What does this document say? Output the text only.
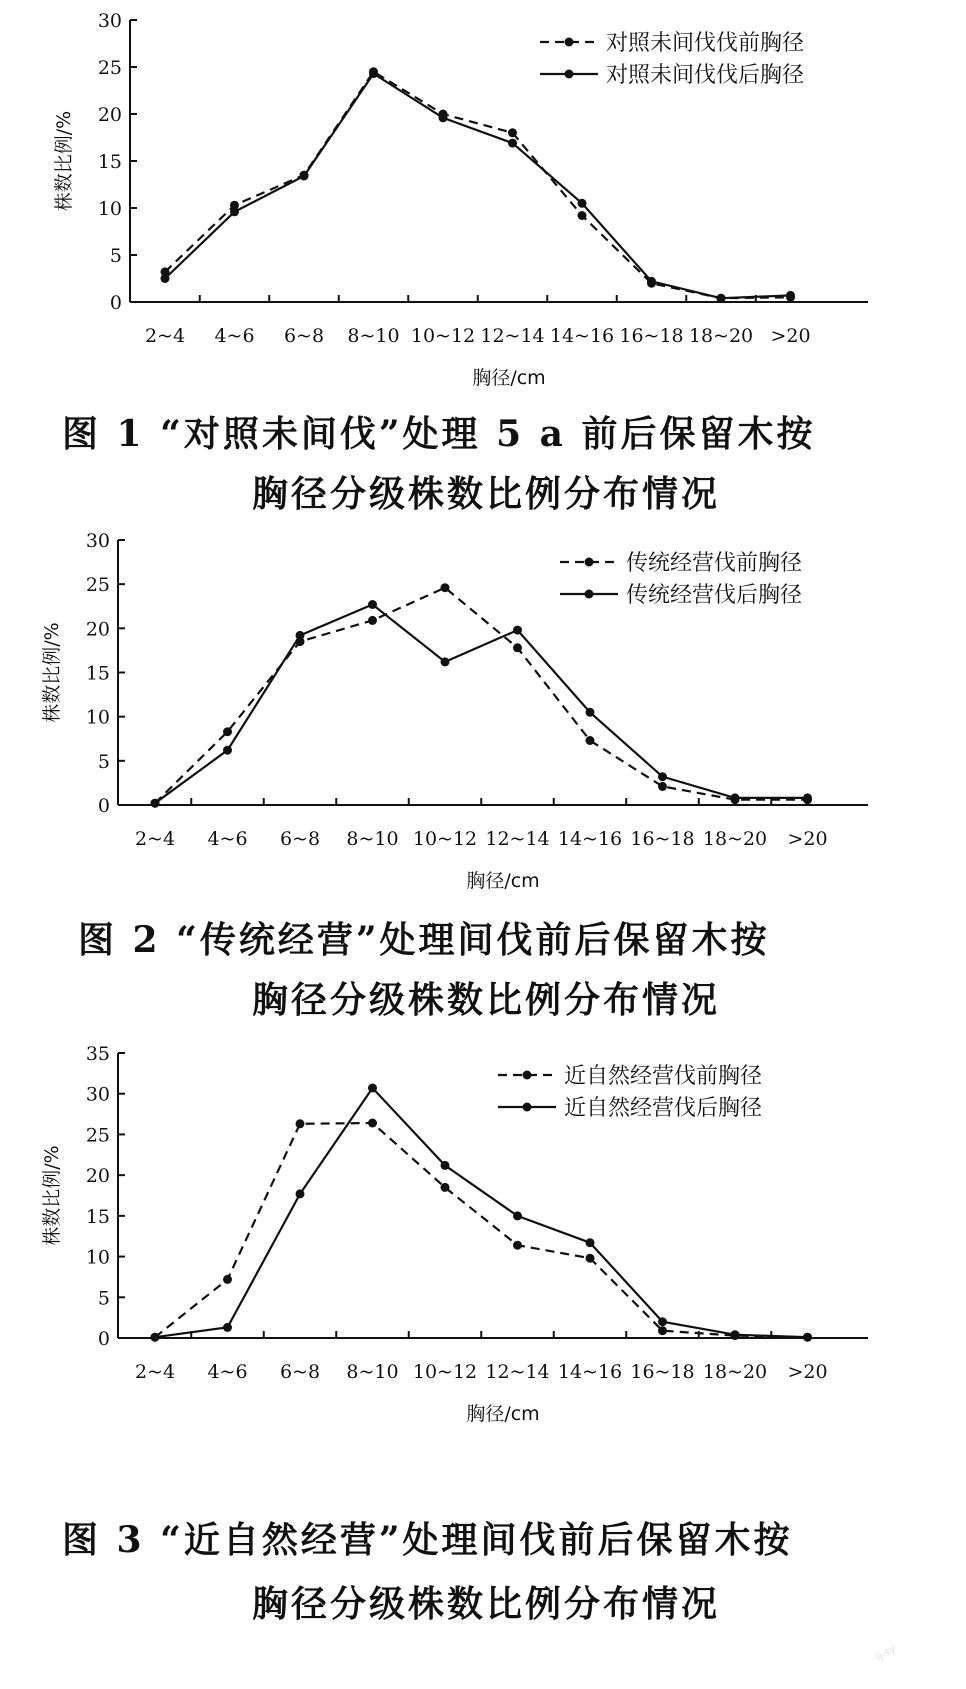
0
5
10
15
20
25
30
2~4 4~6 6~8 8~10 10~12 12~14 14~16 16~18 18~20 >20
胸径/cm
株数比例/%
对照未间伐伐前胸径
对照未间伐伐后胸径
图 1 “对照未间伐”处理 5 a 前后保留木按
胸径分级株数比例分布情况
0
5
10
15
20
25
30
2~4 4~6 6~8 8~10 10~12 12~14 14~16 16~18 18~20 >20
胸径/cm
株数比例/%
传统经营伐前胸径
传统经营伐后胸径
图 2 “传统经营”处理间伐前后保留木按
胸径分级株数比例分布情况
0
5
10
15
20
25
30
35
2~4 4~6 6~8 8~10 10~12 12~14 14~16 16~18 18~20 >20
胸径/cm
株数比例/%
近自然经营伐前胸径
近自然经营伐后胸径
图 3 “近自然经营”处理间伐前后保留木按
胸径分级株数比例分布情况
lj-sy
